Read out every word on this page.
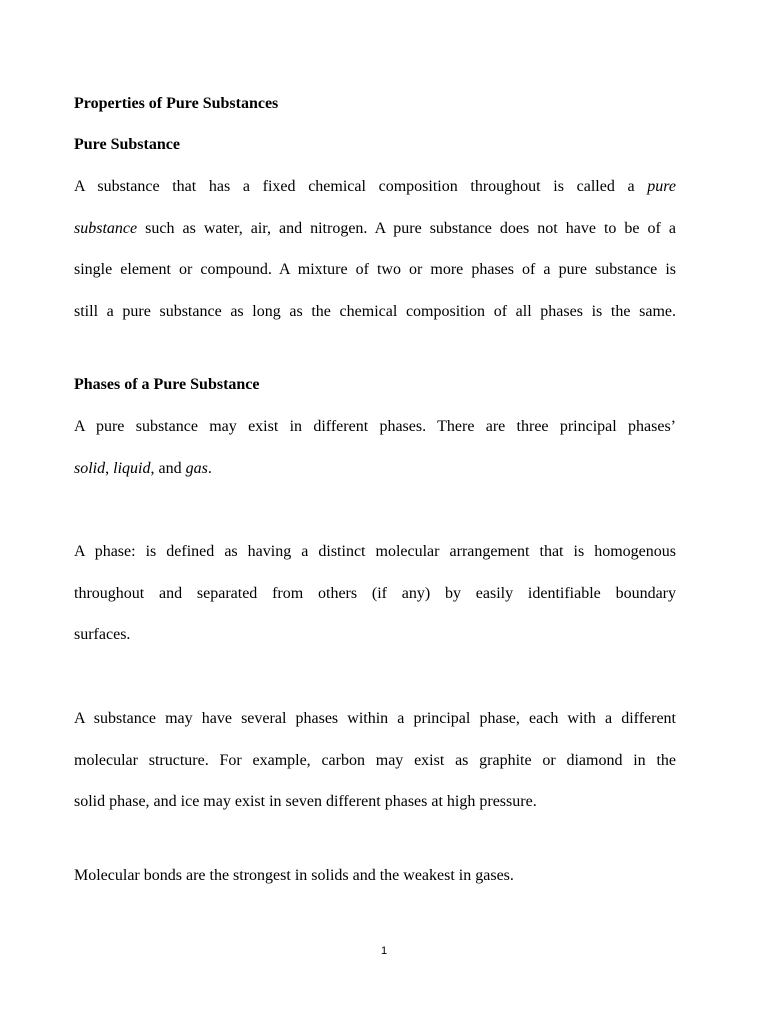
Properties of Pure Substances
Pure Substance
A substance that has a fixed chemical composition throughout is called a pure
substance such as water, air, and nitrogen. A pure substance does not have to be of a
single element or compound. A mixture of two or more phases of a pure substance is
still a pure substance as long as the chemical composition of all phases is the same.
Phases of a Pure Substance
A pure substance may exist in different phases. There are three principal phases’
solid, liquid, and gas.
A phase: is defined as having a distinct molecular arrangement that is homogenous
throughout and separated from others (if any) by easily identifiable boundary
surfaces.
A substance may have several phases within a principal phase, each with a different
molecular structure. For example, carbon may exist as graphite or diamond in the
solid phase, and ice may exist in seven different phases at high pressure.
Molecular bonds are the strongest in solids and the weakest in gases.
1
